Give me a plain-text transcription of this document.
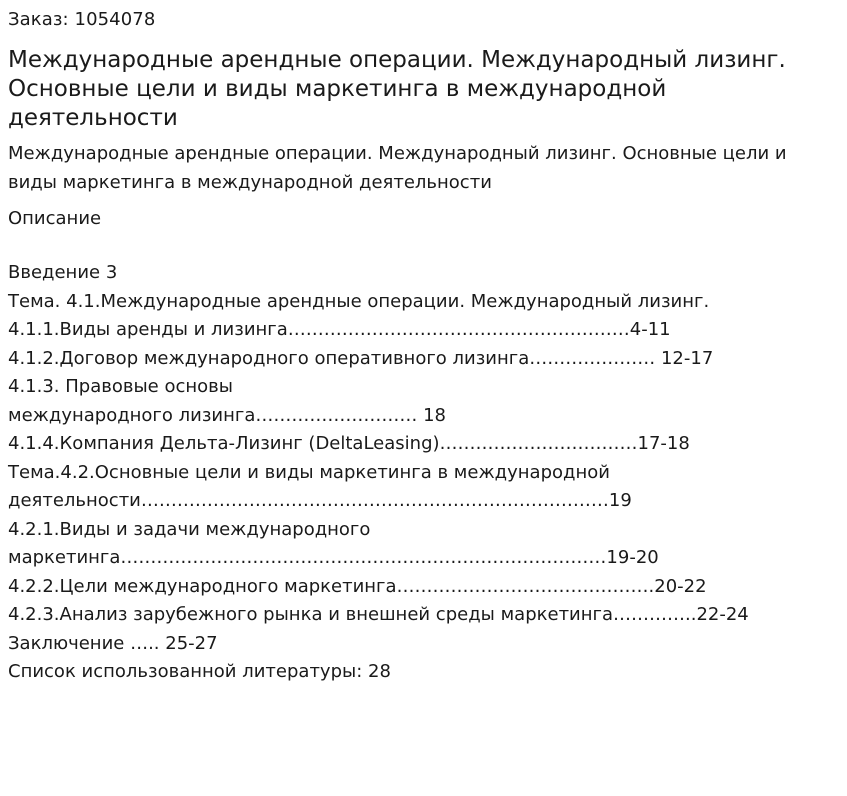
Заказ: 1054078
Международные арендные операции. Международный лизинг. Основные цели и виды маркетинга в международной деятельности
Международные арендные операции. Международный лизинг. Основные цели и виды маркетинга в международной деятельности
Описание
Введение 3
Тема. 4.1.Международные арендные операции. Международный лизинг.
4.1.1.Виды аренды и лизинга…………………………………………………4-11
4.1.2.Договор международного оперативного лизинга………………… 12-17
4.1.3. Правовые основы
международного лизинга……………………… 18
4.1.4.Компания Дельта-Лизинг (DeltaLeasing)……………………………17-18
Тема.4.2.Основные цели и виды маркетинга в международной
деятельности……………………………………………………………………19
4.2.1.Виды и задачи международного
маркетинга………………………………………………………………………19-20
4.2.2.Цели международного маркетинга…………………………………….20-22
4.2.3.Анализ зарубежного рынка и внешней среды маркетинга…………..22-24
Заключение ….. 25-27
Список использованной литературы: 28
